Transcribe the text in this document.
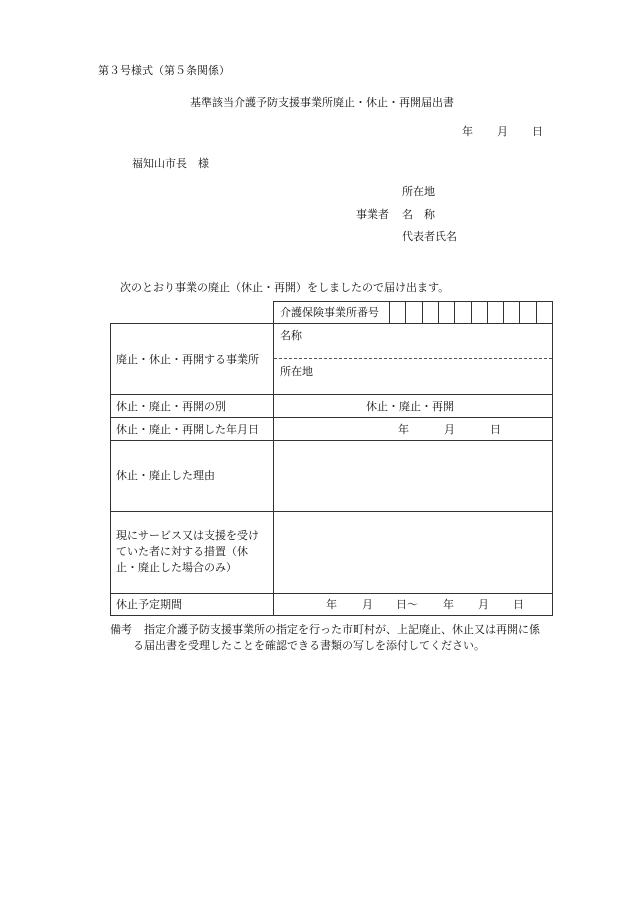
第３号様式（第５条関係）
基準該当介護予防支援事業所廃止・休止・再開届出書
年 月 日
福知山市長　様
所在地
事業者 名　称
代表者氏名
次のとおり事業の廃止（休止・再開）をしましたので届け出ます。
介護保険事業所番号
廃止・休止・再開する事業所
名称
所在地
休止・廃止・再開の別	休止・廃止・再開
休止・廃止・再開した年月日	年	月	日
休止・廃止した理由
現にサービス又は支援を受け
ていた者に対する措置（休
止・廃止した場合のみ）
休止予定期間	年 月 日～ 年 月 日
備考 指定介護予防支援事業所の指定を行った市町村が、上記廃止、休止又は再開に係
る届出書を受理したことを確認できる書類の写しを添付してください。
